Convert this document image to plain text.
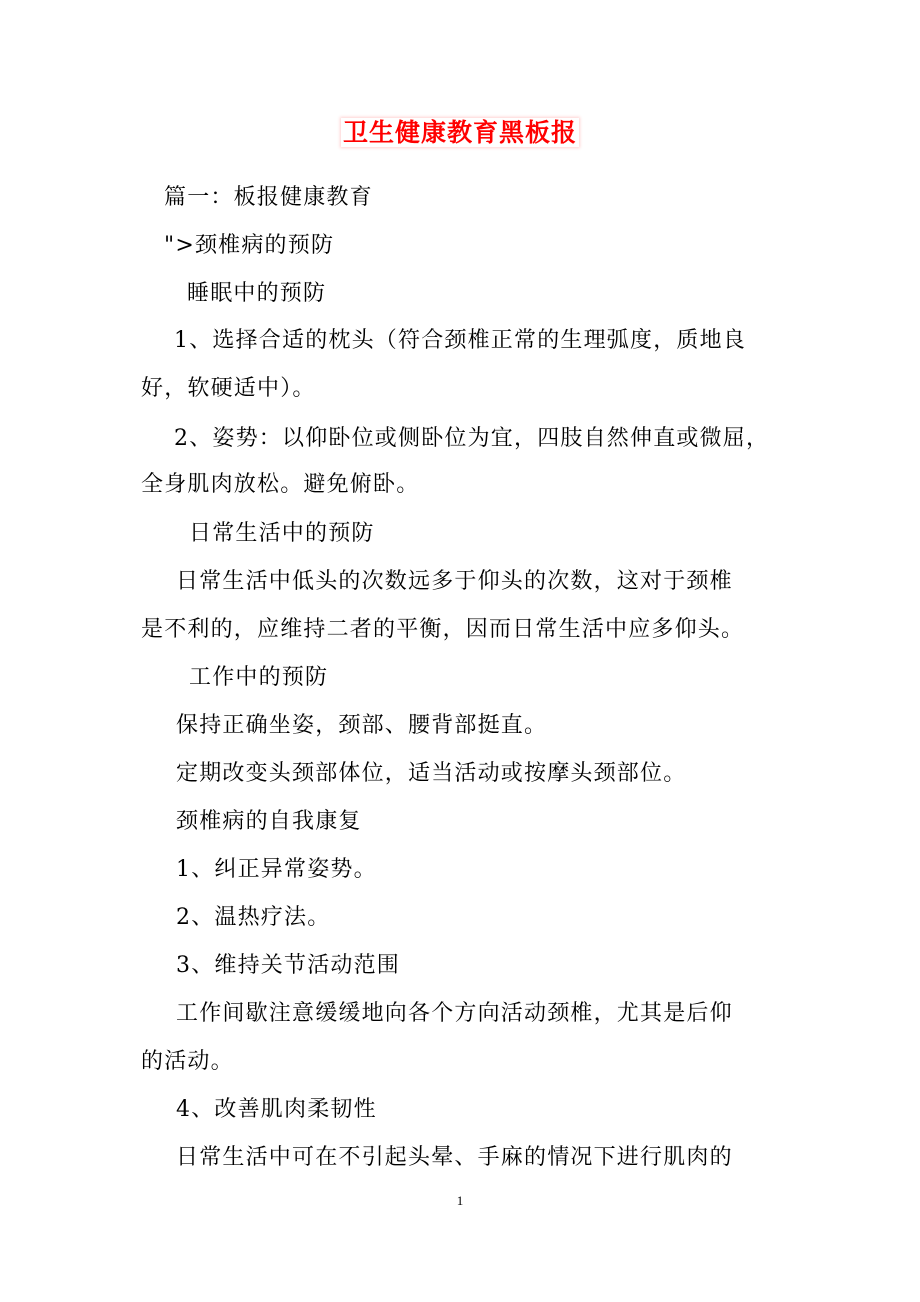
卫生健康教育黑板报
篇一：板报健康教育
">颈椎病的预防
睡眠中的预防
1、选择合适的枕头（符合颈椎正常的生理弧度，质地良
好，软硬适中）。
2、姿势：以仰卧位或侧卧位为宜，四肢自然伸直或微屈，
全身肌肉放松。避免俯卧。
日常生活中的预防
日常生活中低头的次数远多于仰头的次数，这对于颈椎
是不利的，应维持二者的平衡，因而日常生活中应多仰头。
工作中的预防
保持正确坐姿，颈部、腰背部挺直。
定期改变头颈部体位，适当活动或按摩头颈部位。
颈椎病的自我康复
1、纠正异常姿势。
2、温热疗法。
3、维持关节活动范围
工作间歇注意缓缓地向各个方向活动颈椎，尤其是后仰
的活动。
4、改善肌肉柔韧性
日常生活中可在不引起头晕、手麻的情况下进行肌肉的
1
